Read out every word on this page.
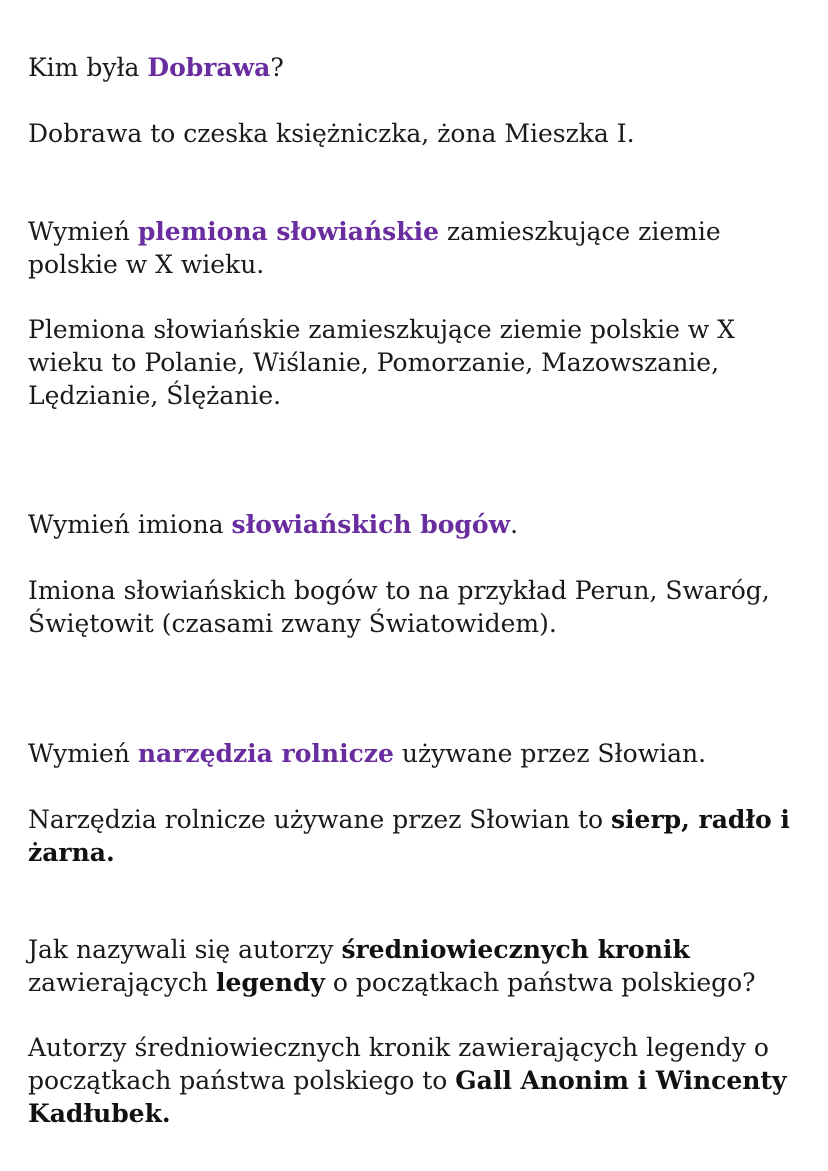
Kim była Dobrawa?

Dobrawa to czeska księżniczka, żona Mieszka I.

Wymień plemiona słowiańskie zamieszkujące ziemie polskie w X wieku.

Plemiona słowiańskie zamieszkujące ziemie polskie w X wieku to Polanie, Wiślanie, Pomorzanie, Mazowszanie, Lędzianie, Ślężanie.

Wymień imiona słowiańskich bogów.

Imiona słowiańskich bogów to na przykład Perun, Swaróg, Świętowit (czasami zwany Światowidem).

Wymień narzędzia rolnicze używane przez Słowian.

Narzędzia rolnicze używane przez Słowian to sierp, radło i żarna.

Jak nazywali się autorzy średniowiecznych kronik zawierających legendy o początkach państwa polskiego?

Autorzy średniowiecznych kronik zawierających legendy o początkach państwa polskiego to Gall Anonim i Wincenty Kadłubek.
